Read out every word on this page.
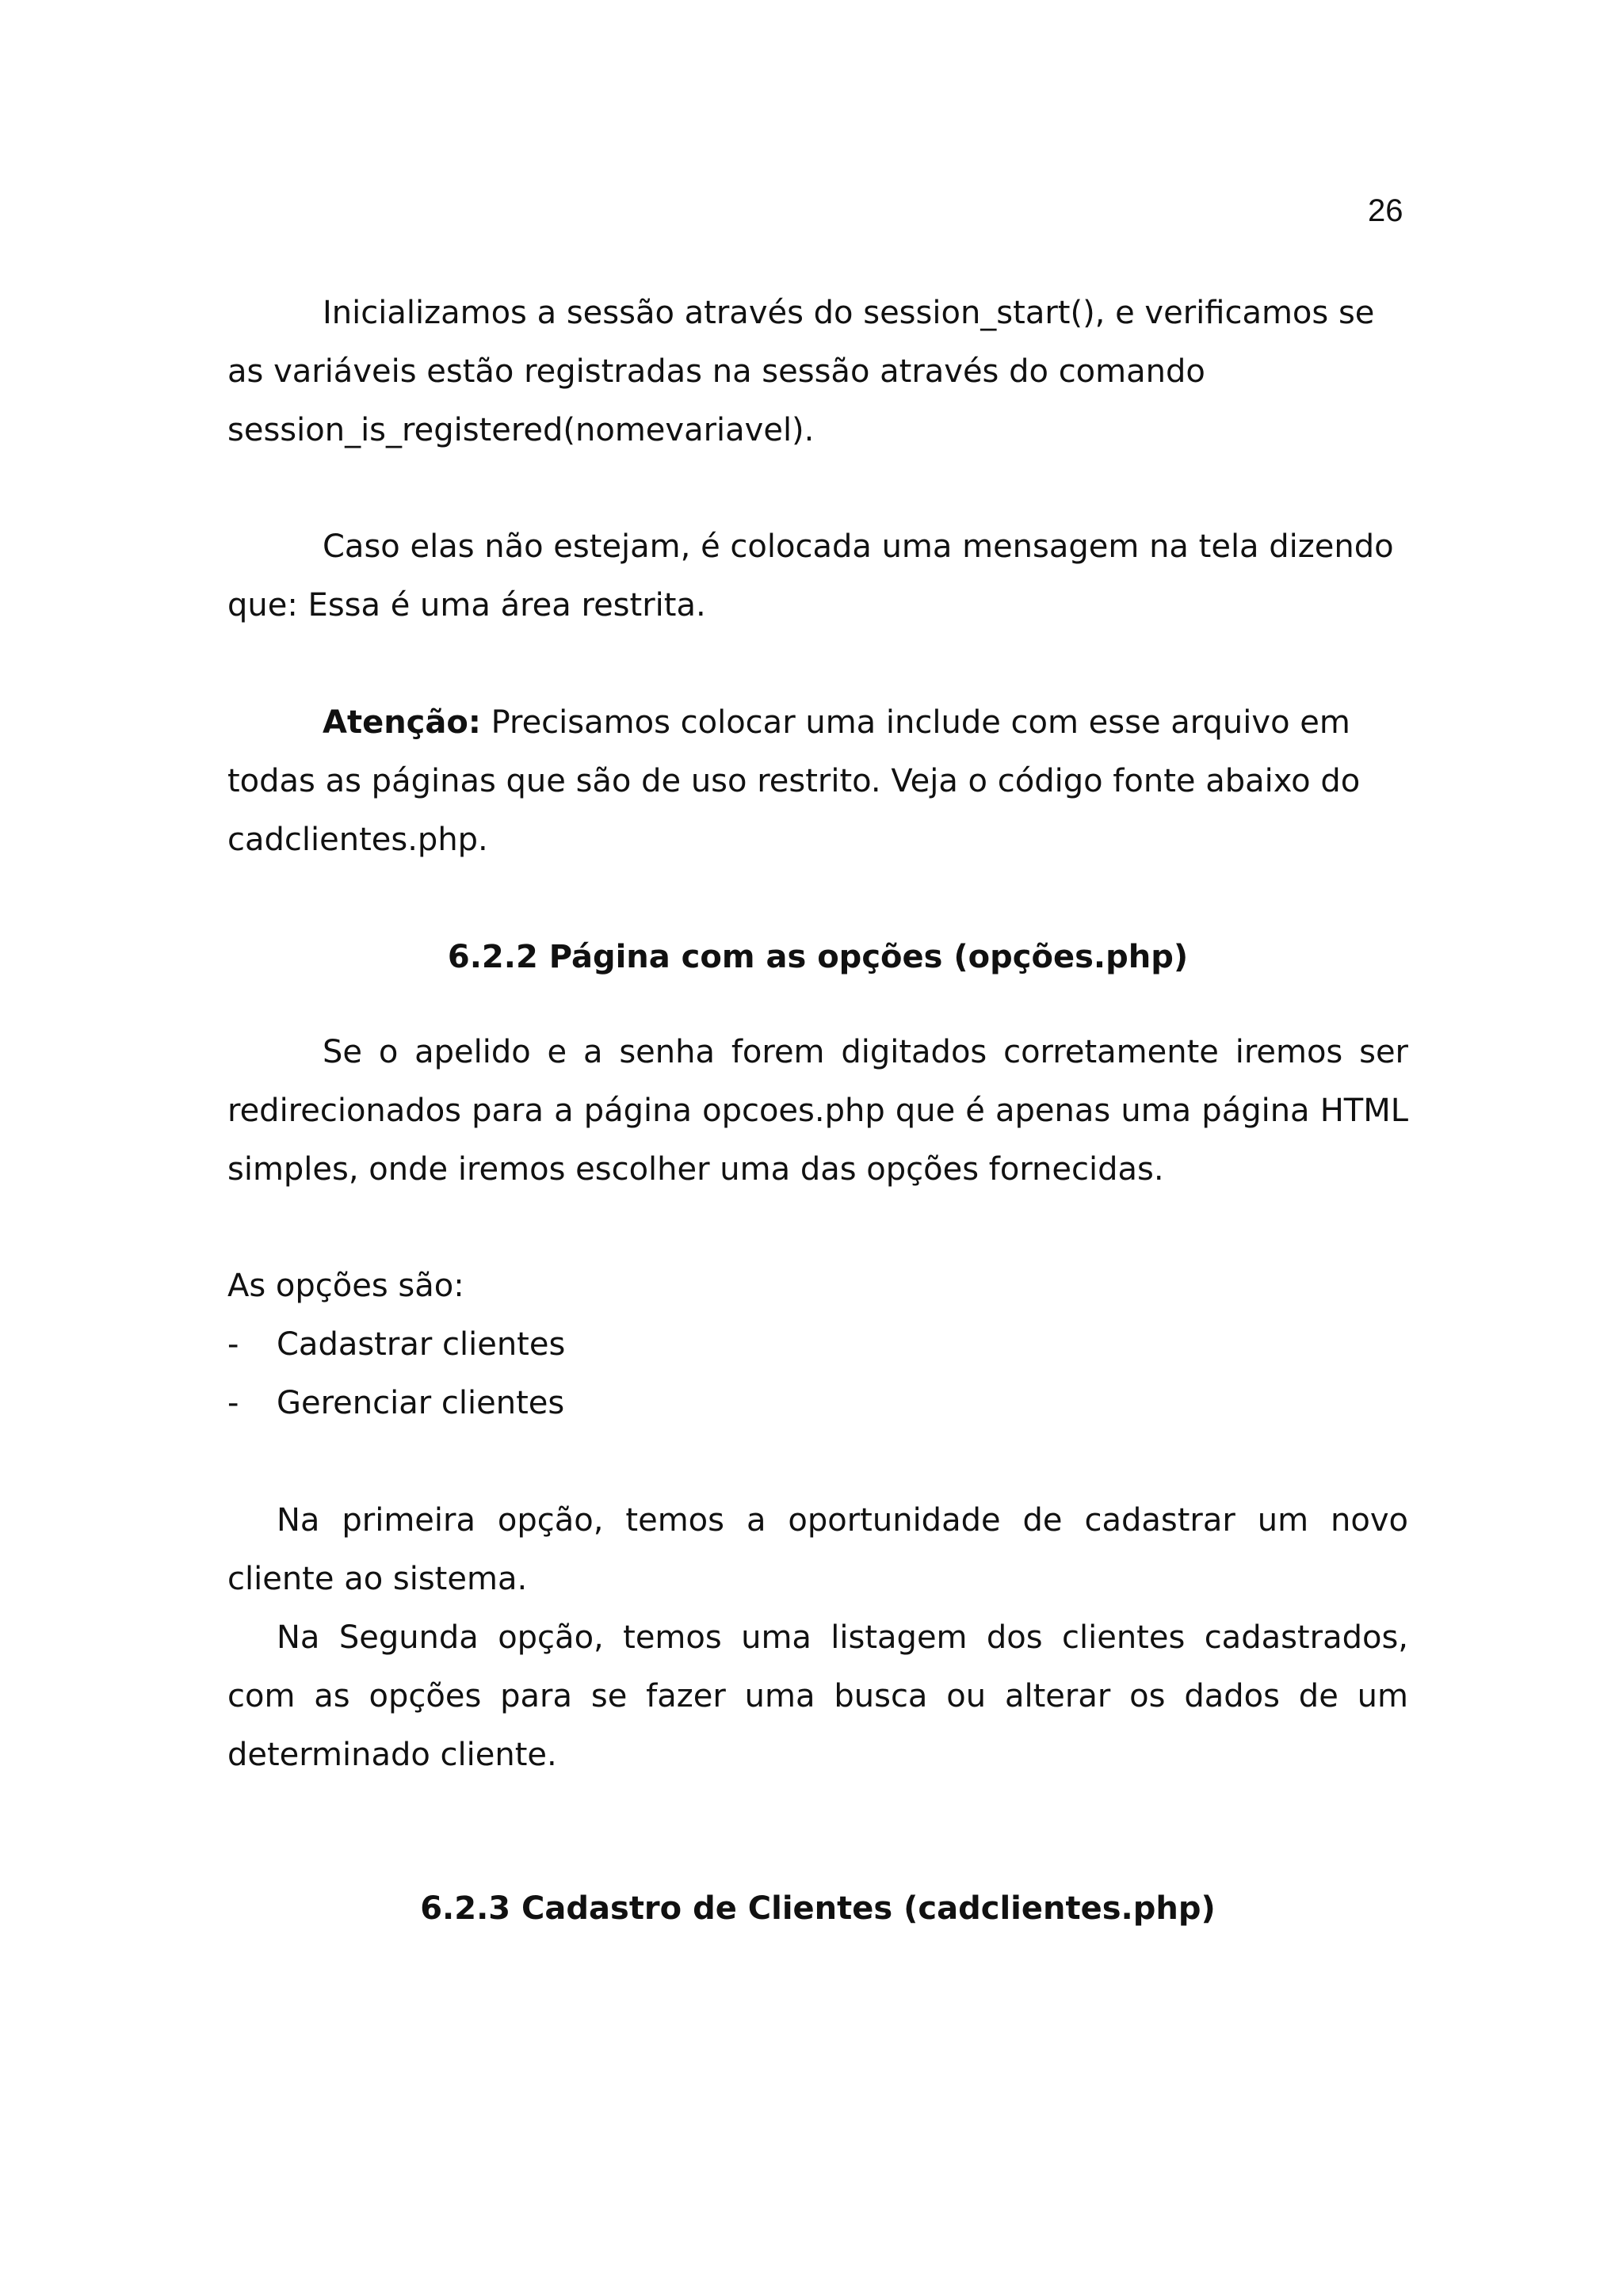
26

Inicializamos a sessão através do session_start(), e verificamos se as variáveis estão registradas na sessão através do comando session_is_registered(nomevariavel).

Caso elas não estejam, é colocada uma mensagem na tela dizendo que: Essa é uma área restrita.

Atenção: Precisamos colocar uma include com esse arquivo em todas as páginas que são de uso restrito. Veja o código fonte abaixo do cadclientes.php.

6.2.2 Página com as opções (opções.php)

Se o apelido e a senha forem digitados corretamente iremos ser redirecionados para a página opcoes.php que é apenas uma página HTML simples, onde iremos escolher uma das opções fornecidas.

As opções são:

- Cadastrar clientes
- Gerenciar clientes

Na primeira opção, temos a oportunidade de cadastrar um novo cliente ao sistema.

Na Segunda opção, temos uma listagem dos clientes cadastrados, com as opções para se fazer uma busca ou alterar os dados de um determinado cliente.

6.2.3 Cadastro de Clientes (cadclientes.php)
